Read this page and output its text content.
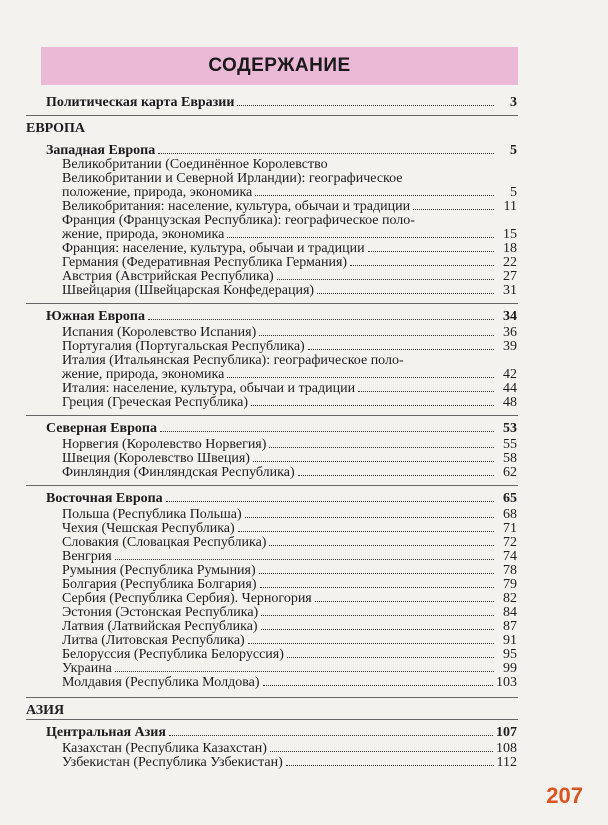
СОДЕРЖАНИЕ
Политическая карта Евразии	3
ЕВРОПА
Западная Европа	5
Великобритании (Соединённое Королевство
Великобритании и Северной Ирландии): географическое
положение, природа, экономика	5
Великобритания: население, культура, обычаи и традиции	11
Франция (Французская Республика): географическое поло-
жение, природа, экономика	15
Франция: население, культура, обычаи и традиции	18
Германия (Федеративная Республика Германия)	22
Австрия (Австрийская Республика)	27
Швейцария (Швейцарская Конфедерация)	31
Южная Европа	34
Испания (Королевство Испания)	36
Португалия (Португальская Республика)	39
Италия (Итальянская Республика): географическое поло-
жение, природа, экономика	42
Италия: население, культура, обычаи и традиции	44
Греция (Греческая Республика)	48
Северная Европа	53
Норвегия (Королевство Норвегия)	55
Швеция (Королевство Швеция)	58
Финляндия (Финляндская Республика)	62
Восточная Европа	65
Польша (Республика Польша)	68
Чехия (Чешская Республика)	71
Словакия (Словацкая Республика)	72
Венгрия	74
Румыния (Республика Румыния)	78
Болгария (Республика Болгария)	79
Сербия (Республика Сербия). Черногория	82
Эстония (Эстонская Республика)	84
Латвия (Латвийская Республика)	87
Литва (Литовская Республика)	91
Белоруссия (Республика Белоруссия)	95
Украина	99
Молдавия (Республика Молдова)	103
АЗИЯ
Центральная Азия	107
Казахстан (Республика Казахстан)	108
Узбекистан (Республика Узбекистан)	112
207
